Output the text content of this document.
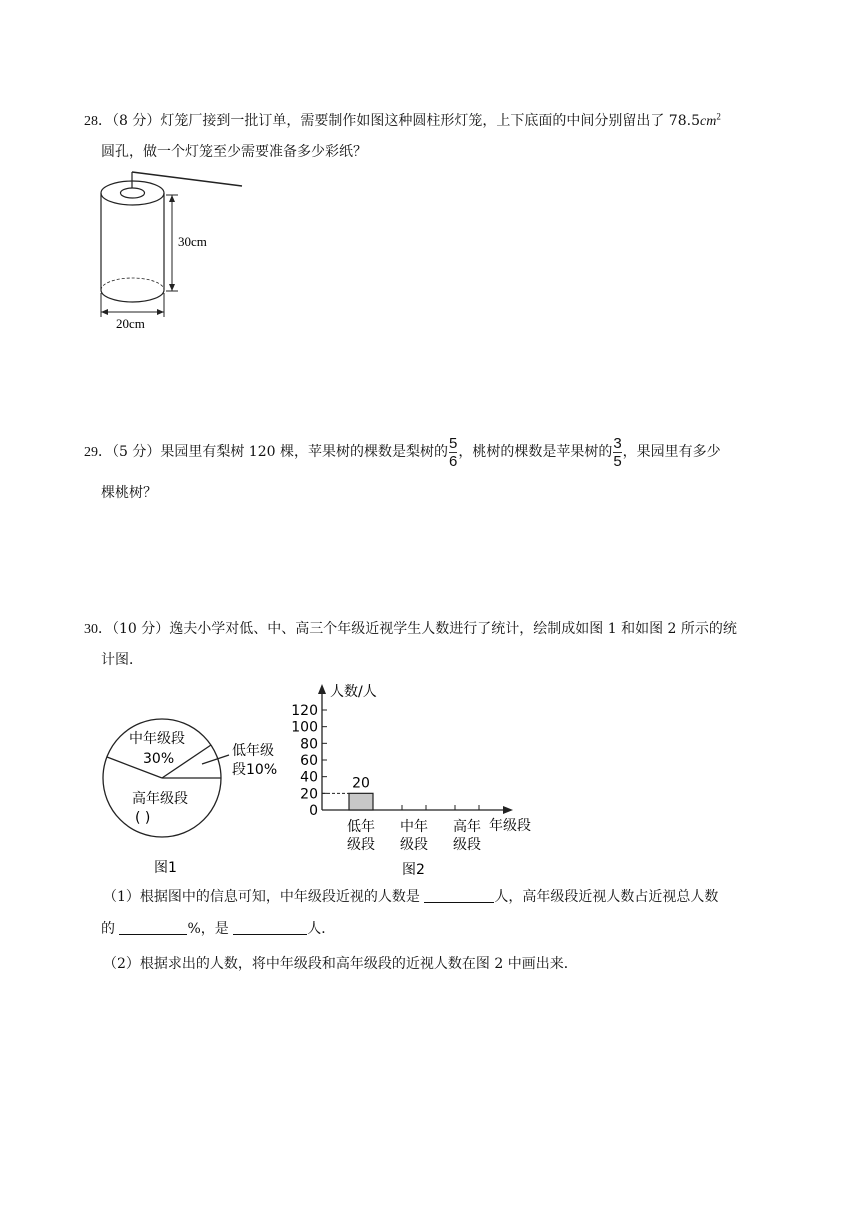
28．（8 分）灯笼厂接到一批订单，需要制作如图这种圆柱形灯笼，上下底面的中间分别留出了 $78.5cm^2$
圆孔，做一个灯笼至少需要准备多少彩纸？
30cm
20cm
29．（5 分）果园里有梨树 120 棵，苹果树的棵数是梨树的 $\frac{5}{6}$ ，桃树的棵数是苹果树的 $\frac{3}{5}$ ，果园里有多少
棵桃树？
30．（10 分）逸夫小学对低、中、高三个年级近视学生人数进行了统计，绘制成如图 1 和如图 2 所示的统
计图．
中年级段
30%	低年级
段10%
高年级段
( )
图1
0
20
40
60
80
100
120
20
低年
级段
中年
级段
高年
级段
人数/人
年级段
图2
（1）根据图中的信息可知，中年级段近视的人数是	人，高年级段近视人数占近视总人数
的	%，是	人．
（2）根据求出的人数，将中年级段和高年级段的近视人数在图 2 中画出来．
